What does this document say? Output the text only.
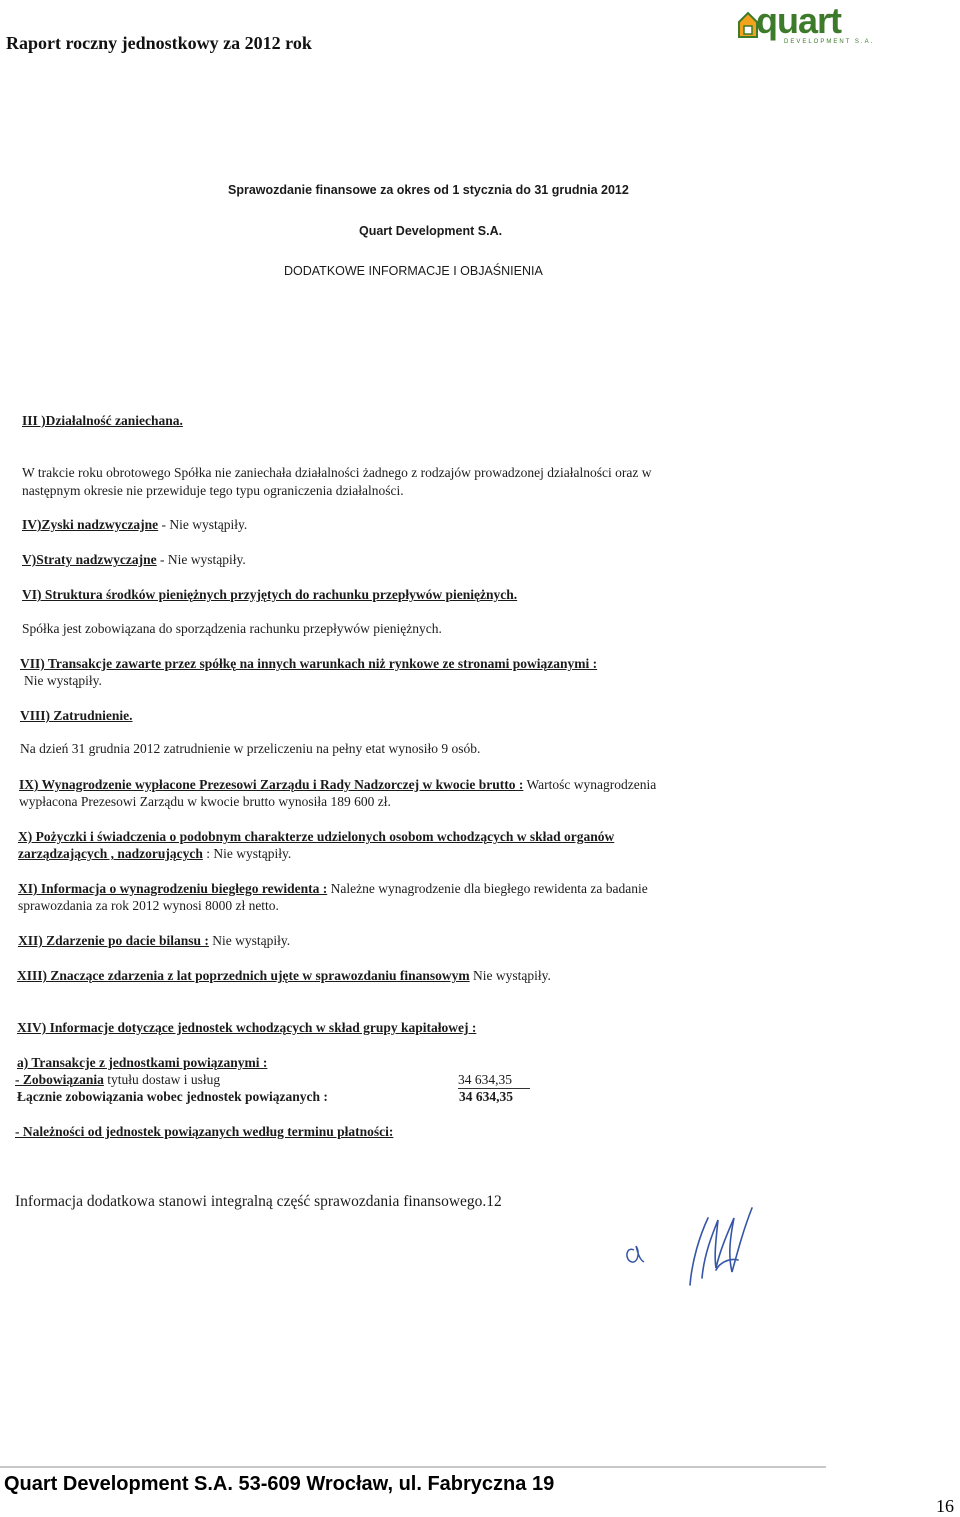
Raport roczny jednostkowy za 2012 rok
quart
DEVELOPMENT S.A.
Sprawozdanie finansowe za okres od 1 stycznia do 31 grudnia 2012
Quart Development S.A.
DODATKOWE INFORMACJE I OBJAŚNIENIA
III )Działalność zaniechana.
W trakcie roku obrotowego Spółka nie zaniechała działalności żadnego z rodzajów prowadzonej działalności oraz w
następnym okresie nie przewiduje tego typu ograniczenia działalności.
IV)Zyski nadzwyczajne - Nie wystąpiły.
V)Straty nadzwyczajne - Nie wystąpiły.
VI) Struktura środków pieniężnych przyjętych do rachunku przepływów pieniężnych.
Spółka jest zobowiązana do sporządzenia rachunku przepływów pieniężnych.
VII) Transakcje zawarte przez spółkę na innych warunkach niż rynkowe ze stronami powiązanymi :
Nie wystąpiły.
VIII) Zatrudnienie.
Na dzień 31 grudnia 2012 zatrudnienie w przeliczeniu na pełny etat wynosiło 9 osób.
IX) Wynagrodzenie wypłacone Prezesowi Zarządu i Rady Nadzorczej w kwocie brutto : Wartośc wynagrodzenia
wypłacona Prezesowi Zarządu w kwocie brutto wynosiła 189 600 zł.
X) Pożyczki i świadczenia o podobnym charakterze udzielonych osobom wchodzących w skład organów
zarządzających , nadzorujących : Nie wystąpiły.
XI) Informacja o wynagrodzeniu biegłego rewidenta : Należne wynagrodzenie dla biegłego rewidenta za badanie
sprawozdania za rok 2012 wynosi 8000 zł netto.
XII) Zdarzenie po dacie bilansu : Nie wystąpiły.
XIII) Znaczące zdarzenia z lat poprzednich ujęte w sprawozdaniu finansowym Nie wystąpiły.
XIV) Informacje dotyczące jednostek wchodzących w skład grupy kapitałowej :
a) Transakcje z jednostkami powiązanymi :
- Zobowiązania tytułu dostaw i usług	34 634,35
Łącznie zobowiązania wobec jednostek powiązanych :	34 634,35
- Należności od jednostek powiązanych według terminu płatności:
Informacja dodatkowa stanowi integralną część sprawozdania finansowego.12
Quart Development S.A. 53-609 Wrocław, ul. Fabryczna 19
16
